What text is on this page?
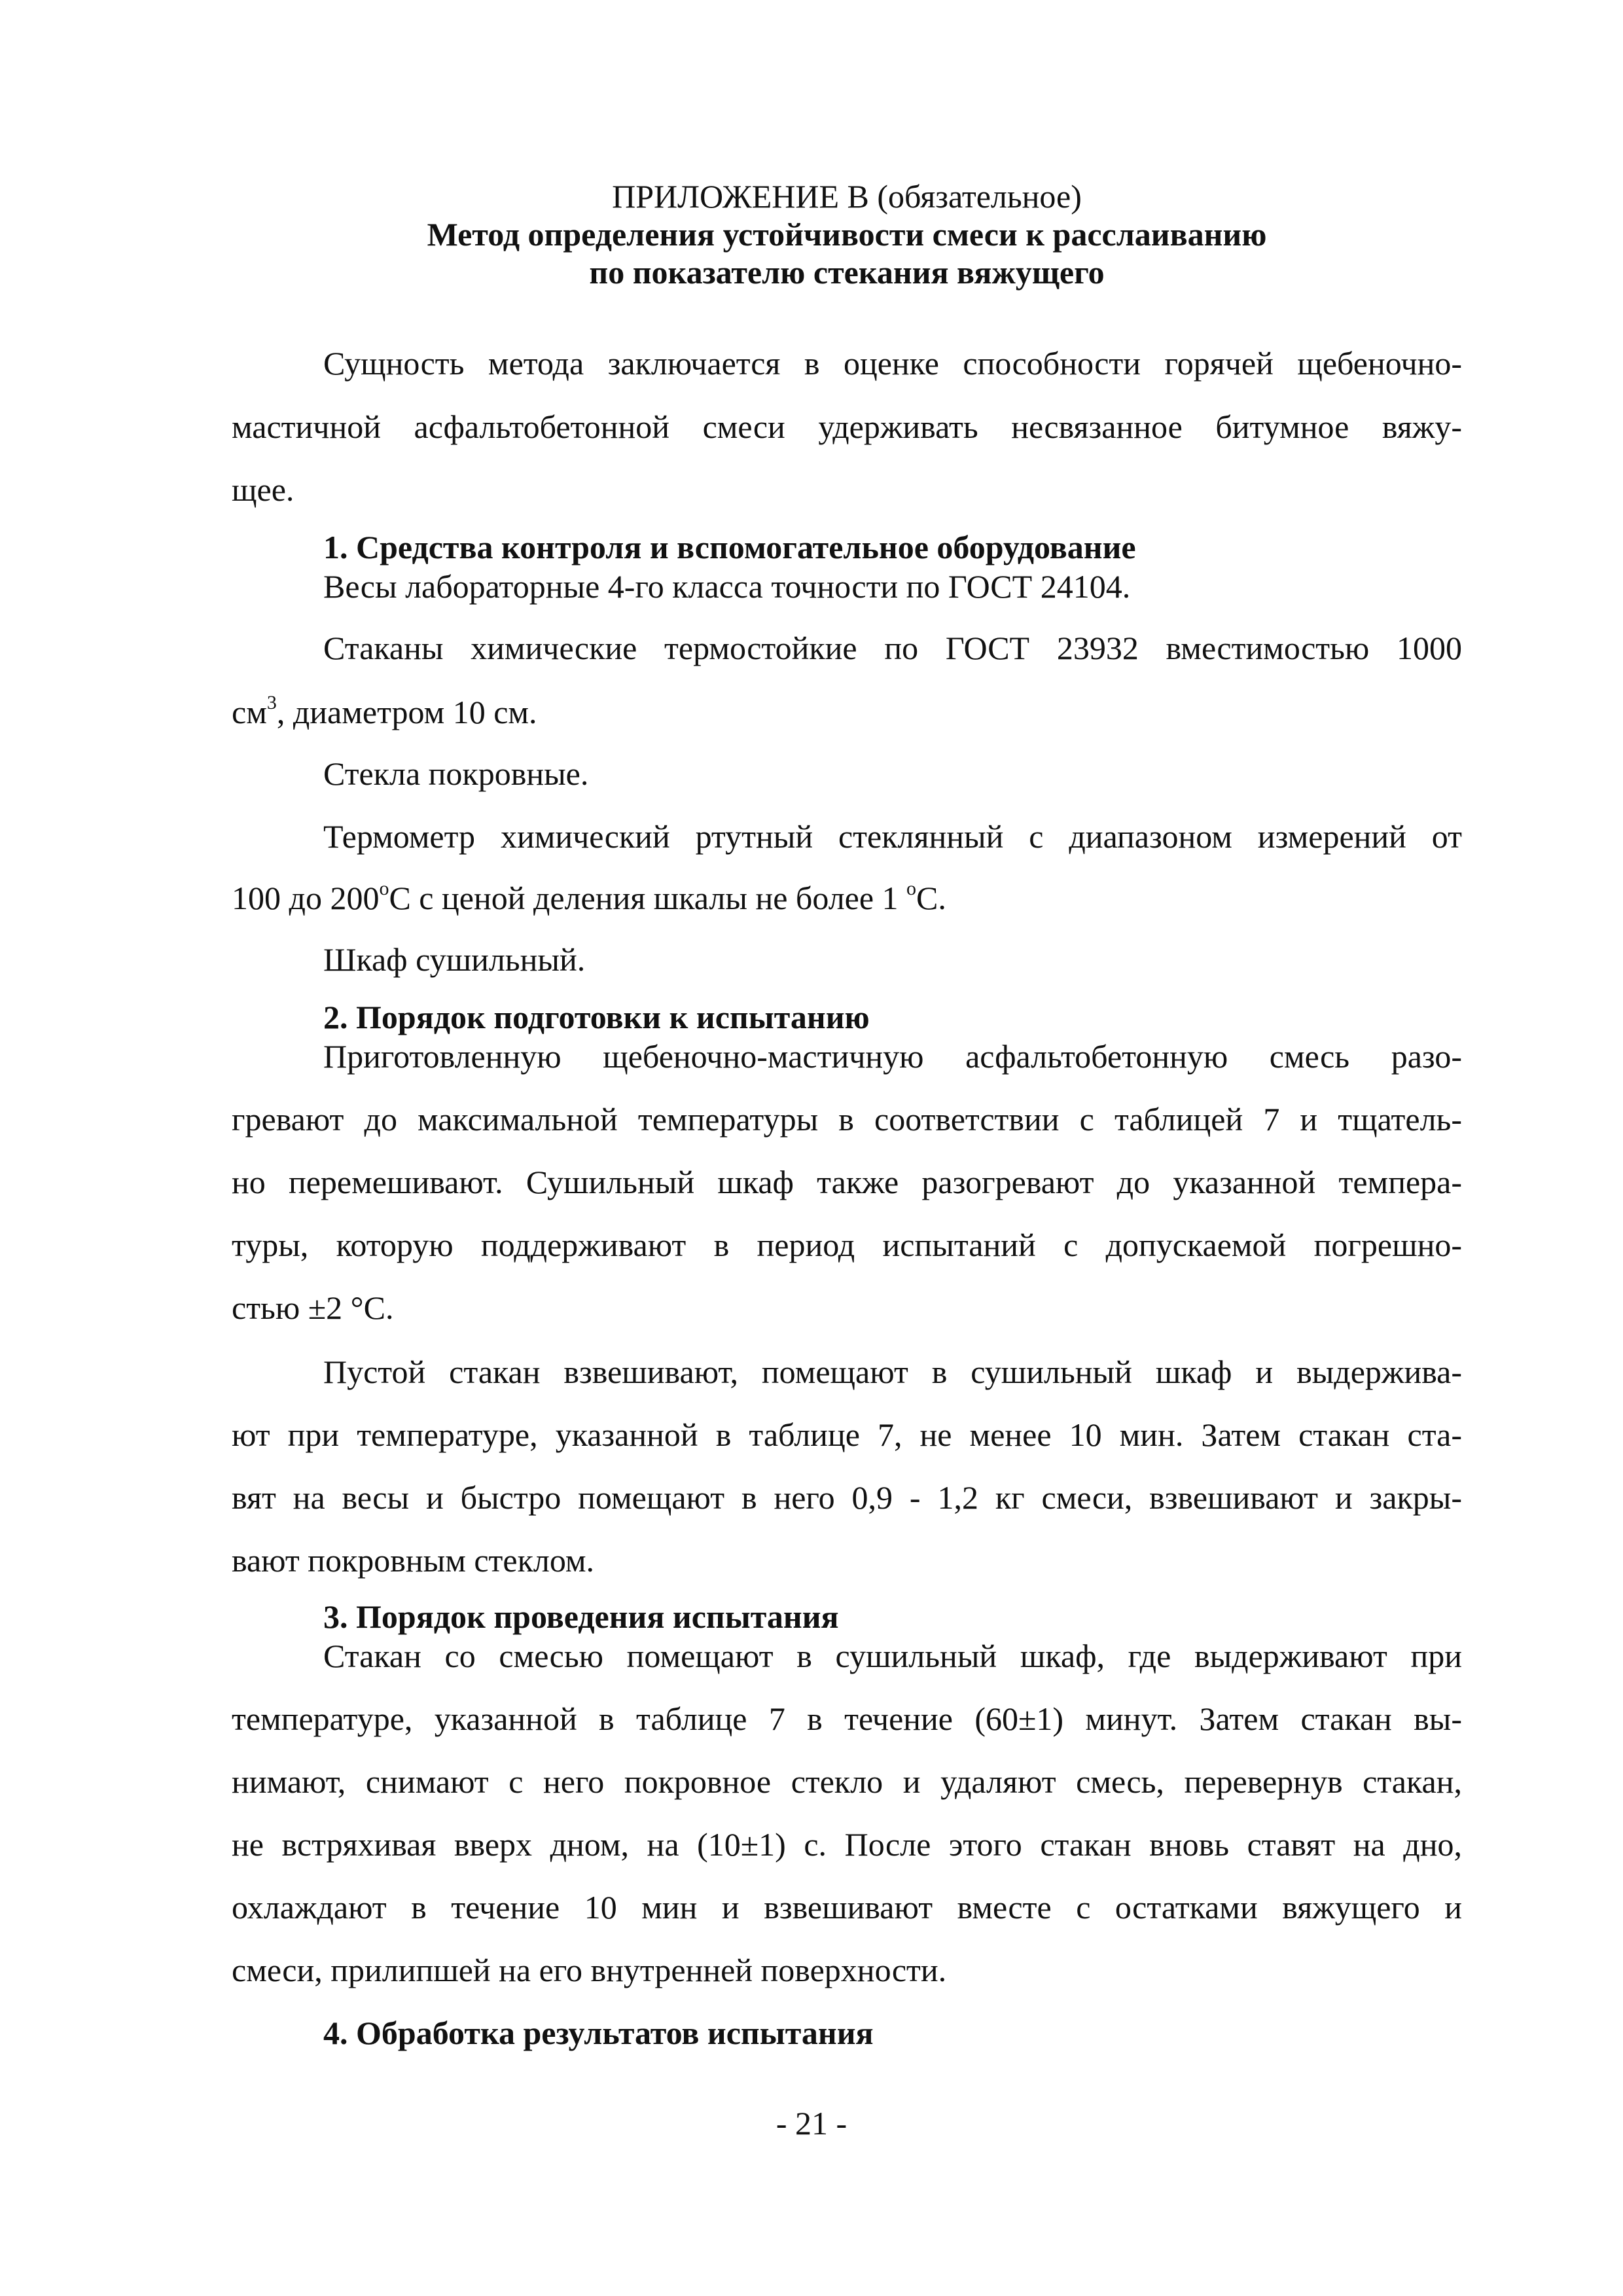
ПРИЛОЖЕНИЕ В (обязательное)
Метод определения устойчивости смеси к расслаиванию
по показателю стекания вяжущего
Сущность метода заключается в оценке способности горячей щебеночно-
мастичной асфальтобетонной смеси удерживать несвязанное битумное вяжу-
щее.
1. Средства контроля и вспомогательное оборудование
Весы лабораторные 4-го класса точности по ГОСТ 24104.
Стаканы химические термостойкие по ГОСТ 23932 вместимостью 1000
$см^3$, диаметром 10 см.
Стекла покровные.
Термометр химический ртутный стеклянный с диапазоном измерений от
100 до 200$^o$С с ценой деления шкалы не более 1 $^o$С.
Шкаф сушильный.
2. Порядок подготовки к испытанию
Приготовленную щебеночно-мастичную асфальтобетонную смесь разо-
гревают до максимальной температуры в соответствии с таблицей 7 и тщатель-
но перемешивают. Сушильный шкаф также разогревают до указанной темпера-
туры, которую поддерживают в период испытаний с допускаемой погрешно-
стью ±2 °С.
Пустой стакан взвешивают, помещают в сушильный шкаф и выдержива-
ют при температуре, указанной в таблице 7, не менее 10 мин. Затем стакан ста-
вят на весы и быстро помещают в него 0,9 - 1,2 кг смеси, взвешивают и закры-
вают покровным стеклом.
3. Порядок проведения испытания
Стакан со смесью помещают в сушильный шкаф, где выдерживают при
температуре, указанной в таблице 7 в течение (60±1) минут. Затем стакан вы-
нимают, снимают с него покровное стекло и удаляют смесь, перевернув стакан,
не встряхивая вверх дном, на (10±1) с. После этого стакан вновь ставят на дно,
охлаждают в течение 10 мин и взвешивают вместе с остатками вяжущего и
смеси, прилипшей на его внутренней поверхности.
4. Обработка результатов испытания
- 21 -
